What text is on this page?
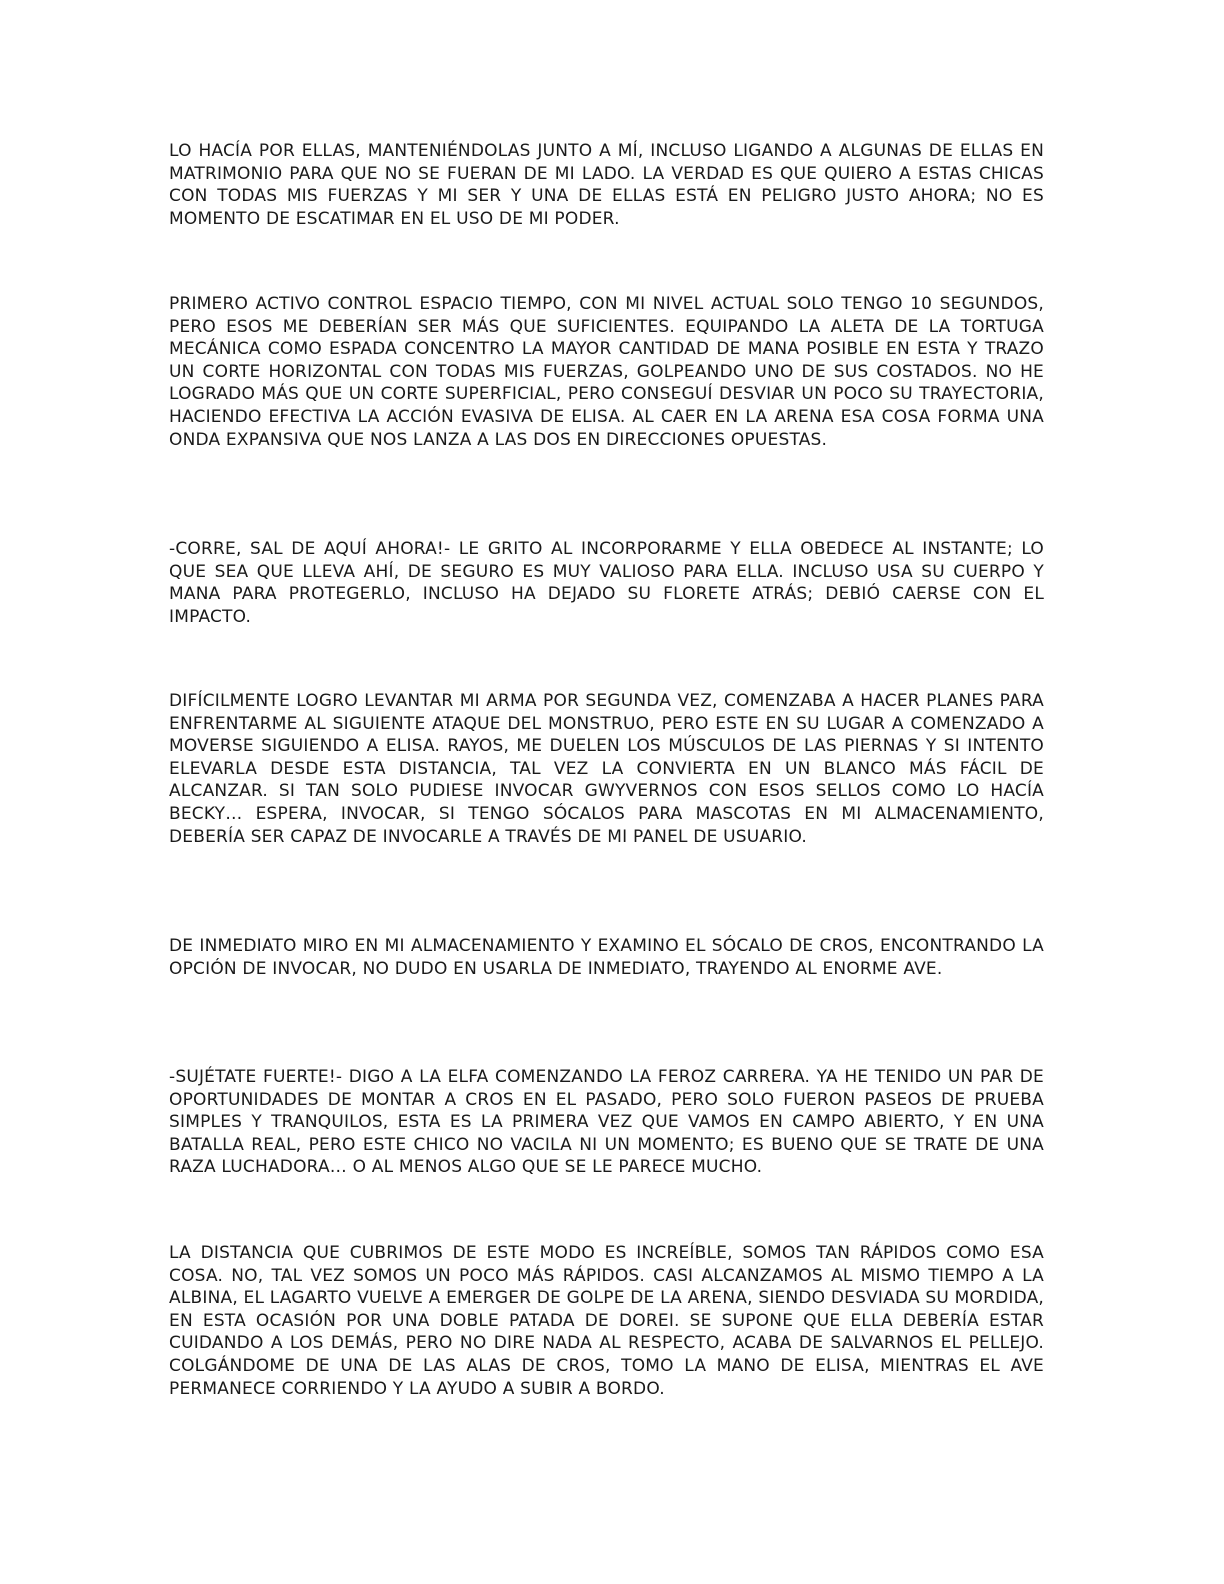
LO HACÍA POR ELLAS, MANTENIÉNDOLAS JUNTO A MÍ, INCLUSO LIGANDO A ALGUNAS DE ELLAS EN MATRIMONIO PARA QUE NO SE FUERAN DE MI LADO. LA VERDAD ES QUE QUIERO A ESTAS CHICAS CON TODAS MIS FUERZAS Y MI SER Y UNA DE ELLAS ESTÁ EN PELIGRO JUSTO AHORA; NO ES MOMENTO DE ESCATIMAR EN EL USO DE MI PODER.

PRIMERO ACTIVO CONTROL ESPACIO TIEMPO, CON MI NIVEL ACTUAL SOLO TENGO 10 SEGUNDOS, PERO ESOS ME DEBERÍAN SER MÁS QUE SUFICIENTES. EQUIPANDO LA ALETA DE LA TORTUGA MECÁNICA COMO ESPADA CONCENTRO LA MAYOR CANTIDAD DE MANA POSIBLE EN ESTA Y TRAZO UN CORTE HORIZONTAL CON TODAS MIS FUERZAS, GOLPEANDO UNO DE SUS COSTADOS. NO HE LOGRADO MÁS QUE UN CORTE SUPERFICIAL, PERO CONSEGUÍ DESVIAR UN POCO SU TRAYECTORIA, HACIENDO EFECTIVA LA ACCIÓN EVASIVA DE ELISA. AL CAER EN LA ARENA ESA COSA FORMA UNA ONDA EXPANSIVA QUE NOS LANZA A LAS DOS EN DIRECCIONES OPUESTAS.

-CORRE, SAL DE AQUÍ AHORA!- LE GRITO AL INCORPORARME Y ELLA OBEDECE AL INSTANTE; LO QUE SEA QUE LLEVA AHÍ, DE SEGURO ES MUY VALIOSO PARA ELLA. INCLUSO USA SU CUERPO Y MANA PARA PROTEGERLO, INCLUSO HA DEJADO SU FLORETE ATRÁS; DEBIÓ CAERSE CON EL IMPACTO.

DIFÍCILMENTE LOGRO LEVANTAR MI ARMA POR SEGUNDA VEZ, COMENZABA A HACER PLANES PARA ENFRENTARME AL SIGUIENTE ATAQUE DEL MONSTRUO, PERO ESTE EN SU LUGAR A COMENZADO A MOVERSE SIGUIENDO A ELISA. RAYOS, ME DUELEN LOS MÚSCULOS DE LAS PIERNAS Y SI INTENTO ELEVARLA DESDE ESTA DISTANCIA, TAL VEZ LA CONVIERTA EN UN BLANCO MÁS FÁCIL DE ALCANZAR. SI TAN SOLO PUDIESE INVOCAR GWYVERNOS CON ESOS SELLOS COMO LO HACÍA BECKY… ESPERA, INVOCAR, SI TENGO SÓCALOS PARA MASCOTAS EN MI ALMACENAMIENTO, DEBERÍA SER CAPAZ DE INVOCARLE A TRAVÉS DE MI PANEL DE USUARIO.

DE INMEDIATO MIRO EN MI ALMACENAMIENTO Y EXAMINO EL SÓCALO DE CROS, ENCONTRANDO LA OPCIÓN DE INVOCAR, NO DUDO EN USARLA DE INMEDIATO, TRAYENDO AL ENORME AVE.

-SUJÉTATE FUERTE!- DIGO A LA ELFA COMENZANDO LA FEROZ CARRERA. YA HE TENIDO UN PAR DE OPORTUNIDADES DE MONTAR A CROS EN EL PASADO, PERO SOLO FUERON PASEOS DE PRUEBA SIMPLES Y TRANQUILOS, ESTA ES LA PRIMERA VEZ QUE VAMOS EN CAMPO ABIERTO, Y EN UNA BATALLA REAL, PERO ESTE CHICO NO VACILA NI UN MOMENTO; ES BUENO QUE SE TRATE DE UNA RAZA LUCHADORA… O AL MENOS ALGO QUE SE LE PARECE MUCHO.

LA DISTANCIA QUE CUBRIMOS DE ESTE MODO ES INCREÍBLE, SOMOS TAN RÁPIDOS COMO ESA COSA. NO, TAL VEZ SOMOS UN POCO MÁS RÁPIDOS. CASI ALCANZAMOS AL MISMO TIEMPO A LA ALBINA, EL LAGARTO VUELVE A EMERGER DE GOLPE DE LA ARENA, SIENDO DESVIADA SU MORDIDA, EN ESTA OCASIÓN POR UNA DOBLE PATADA DE DOREI. SE SUPONE QUE ELLA DEBERÍA ESTAR CUIDANDO A LOS DEMÁS, PERO NO DIRE NADA AL RESPECTO, ACABA DE SALVARNOS EL PELLEJO. COLGÁNDOME DE UNA DE LAS ALAS DE CROS, TOMO LA MANO DE ELISA, MIENTRAS EL AVE PERMANECE CORRIENDO Y LA AYUDO A SUBIR A BORDO.
